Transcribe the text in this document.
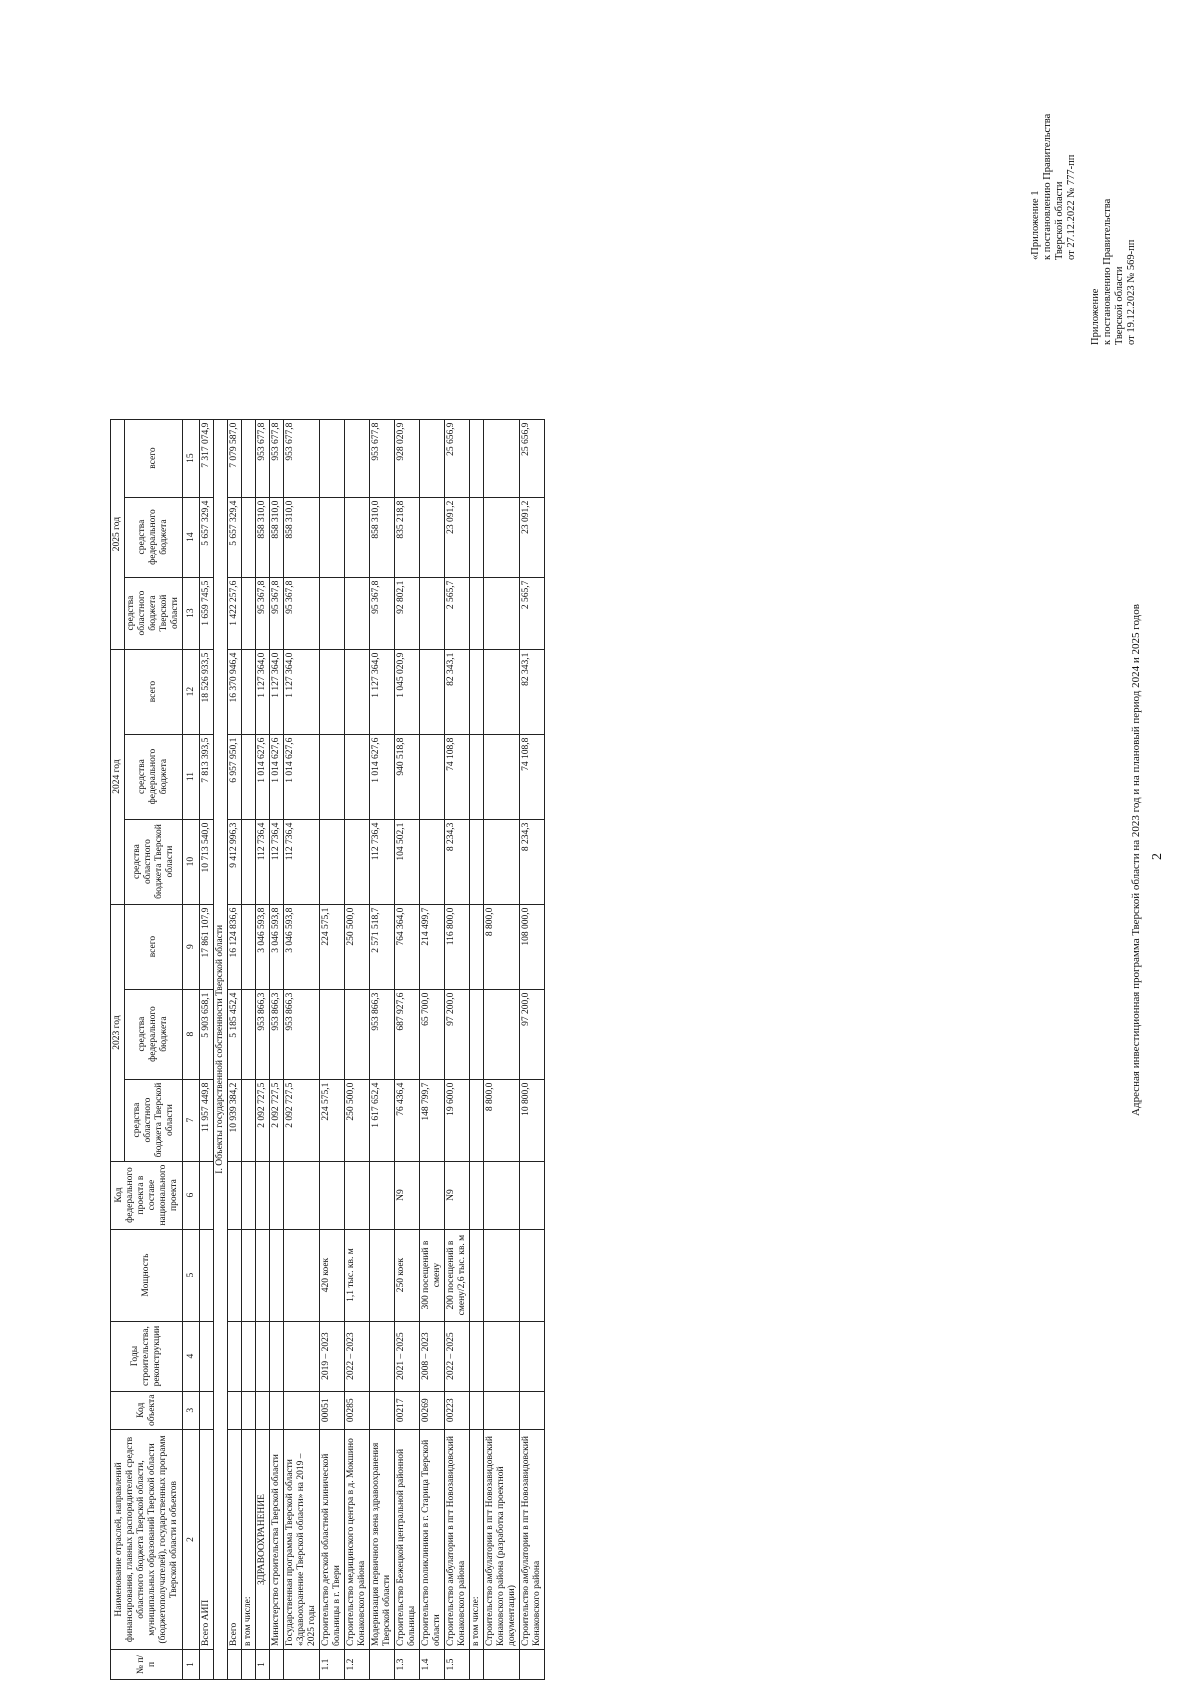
2
Приложение
к постановлению Правительства
Тверской области
от 19.12.2023 № 569-пп
«Приложение 1
к постановлению Правительства
Тверской области
от 27.12.2022 № 777-пп
Адресная инвестиционная программа Тверской области на 2023 год и на плановый период 2024 и 2025 годов
№ п/п	Наименование отраслей, направлений финансирования, главных распорядителей средств областного бюджета Тверской области, муниципальных образований Тверской области (бюджетополучателей), государственных программ Тверской области и объектов	Код объекта	Годы строительства, реконструкции	Мощность	Код федерального проекта в составе национального проекта	2023 год			2024 год			2025 год		
						средства областного бюджета Тверской области	средства федерального бюджета	всего	средства областного бюджета Тверской области	средства федерального бюджета	всего	средства областного бюджета Тверской области	средства федерального бюджета	всего
1	2	3	4	5	6	7	8	9	10	11	12	13	14	15
	Всего АИП					11 957 449,8	5 903 658,1	17 861 107,9	10 713 540,0	7 813 393,5	18 526 933,5	1 659 745,5	5 657 329,4	7 317 074,9
I. Объекты государственной собственности Тверской области														
	Всего					10 939 384,2	5 185 452,4	16 124 836,6	9 412 996,3	6 957 950,1	16 370 946,4	1 422 257,6	5 657 329,4	7 079 587,0
	в том числе:													
1	ЗДРАВООХРАНЕНИЕ					2 092 727,5	953 866,3	3 046 593,8	112 736,4	1 014 627,6	1 127 364,0	95 367,8	858 310,0	953 677,8
	Министерство строительства Тверской области					2 092 727,5	953 866,3	3 046 593,8	112 736,4	1 014 627,6	1 127 364,0	95 367,8	858 310,0	953 677,8
	Государственная программа Тверской области «Здравоохранение Тверской области» на 2019 – 2025 годы					2 092 727,5	953 866,3	3 046 593,8	112 736,4	1 014 627,6	1 127 364,0	95 367,8	858 310,0	953 677,8
1.1	Строительство детской областной клинической больницы в г. Твери	00051	2019 – 2023	420 коек		224 575,1		224 575,1						
1.2	Строительство медицинского центра в д. Мокшино Конаковского района	00285	2022 – 2023	1,1 тыс. кв. м		250 500,0		250 500,0						
	Модернизация первичного звена здравоохранения Тверской области					1 617 652,4	953 866,3	2 571 518,7	112 736,4	1 014 627,6	1 127 364,0	95 367,8	858 310,0	953 677,8
1.3	Строительство Бежецкой центральной районной больницы	00217	2021 – 2025	250 коек	N9	76 436,4	687 927,6	764 364,0	104 502,1	940 518,8	1 045 020,9	92 802,1	835 218,8	928 020,9
1.4	Строительство поликлиники в г. Старица Тверской области	00269	2008 – 2023	300 посещений в смену		148 799,7	65 700,0	214 499,7						
1.5	Строительство амбулатории в пгт Новозавидовский Конаковского района	00223	2022 – 2025	200 посещений в смену/2,6 тыс. кв. м	N9	19 600,0	97 200,0	116 800,0	8 234,3	74 108,8	82 343,1	2 565,7	23 091,2	25 656,9
	в том числе:													
	Строительство амбулатории в пгт Новозавидовский Конаковского района (разработка проектной документации)					8 800,0		8 800,0						
	Строительство амбулатории в пгт Новозавидовский Конаковского района					10 800,0	97 200,0	108 000,0	8 234,3	74 108,8	82 343,1	2 565,7	23 091,2	25 656,9
